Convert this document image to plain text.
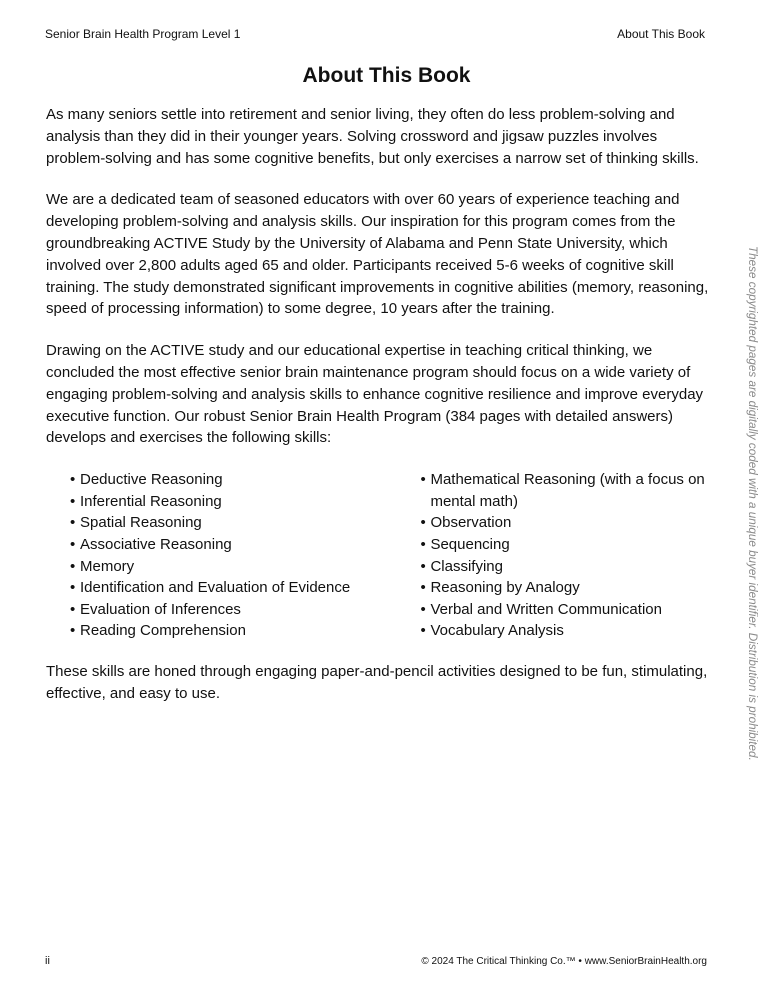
Senior Brain Health Program Level 1	About This Book
About This Book

As many seniors settle into retirement and senior living, they often do less problem-solving and analysis than they did in their younger years. Solving crossword and jigsaw puzzles involves problem-solving and has some cognitive benefits, but only exercises a narrow set of thinking skills.

We are a dedicated team of seasoned educators with over 60 years of experience teaching and developing problem-solving and analysis skills. Our inspiration for this program comes from the groundbreaking ACTIVE Study by the University of Alabama and Penn State University, which involved over 2,800 adults aged 65 and older. Participants received 5-6 weeks of cognitive skill training. The study demonstrated significant improvements in cognitive abilities (memory, reasoning, speed of processing information) to some degree, 10 years after the training.

Drawing on the ACTIVE study and our educational expertise in teaching critical thinking, we concluded the most effective senior brain maintenance program should focus on a wide variety of engaging problem-solving and analysis skills to enhance cognitive resilience and improve everyday executive function. Our robust Senior Brain Health Program (384 pages with detailed answers) develops and exercises the following skills:

• Deductive Reasoning
• Inferential Reasoning
• Spatial Reasoning
• Associative Reasoning
• Memory
• Identification and Evaluation of Evidence
• Evaluation of Inferences
• Reading Comprehension
• Mathematical Reasoning (with a focus on mental math)
• Observation
• Sequencing
• Classifying
• Reasoning by Analogy
• Verbal and Written Communication
• Vocabulary Analysis

These skills are honed through engaging paper-and-pencil activities designed to be fun, stimulating, effective, and easy to use.	These copyrighted pages are digitally coded with a unique buyer identifier. Distribution is prohibited.
ii	© 2024 The Critical Thinking Co.™ • www.SeniorBrainHealth.org
